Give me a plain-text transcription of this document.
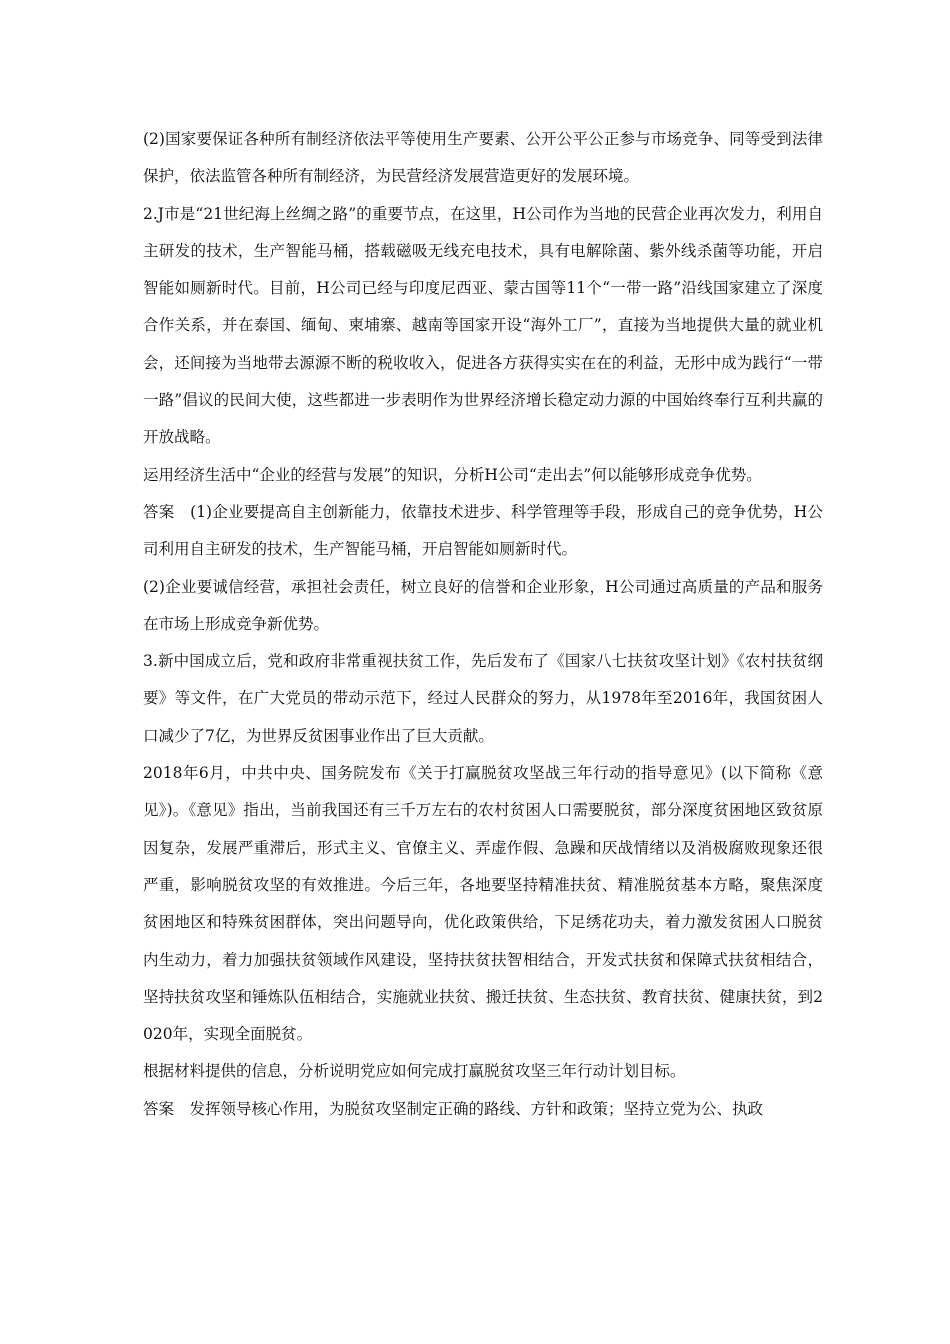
(2)国家要保证各种所有制经济依法平等使用生产要素、公开公平公正参与市场竞争、同等受到法律保护，依法监管各种所有制经济，为民营经济发展营造更好的发展环境。

2.J市是“21世纪海上丝绸之路”的重要节点，在这里，H公司作为当地的民营企业再次发力，利用自主研发的技术，生产智能马桶，搭载磁吸无线充电技术，具有电解除菌、紫外线杀菌等功能，开启智能如厕新时代。目前，H公司已经与印度尼西亚、蒙古国等11个“一带一路”沿线国家建立了深度合作关系，并在泰国、缅甸、柬埔寨、越南等国家开设“海外工厂”，直接为当地提供大量的就业机会，还间接为当地带去源源不断的税收收入，促进各方获得实实在在的利益，无形中成为践行“一带一路”倡议的民间大使，这些都进一步表明作为世界经济增长稳定动力源的中国始终奉行互利共赢的开放战略。

运用经济生活中“企业的经营与发展”的知识，分析H公司“走出去”何以能够形成竞争优势。

答案　(1)企业要提高自主创新能力，依靠技术进步、科学管理等手段，形成自己的竞争优势，H公司利用自主研发的技术，生产智能马桶，开启智能如厕新时代。

(2)企业要诚信经营，承担社会责任，树立良好的信誉和企业形象，H公司通过高质量的产品和服务在市场上形成竞争新优势。

3.新中国成立后，党和政府非常重视扶贫工作，先后发布了《国家八七扶贫攻坚计划》《农村扶贫纲要》等文件，在广大党员的带动示范下，经过人民群众的努力，从1978年至2016年，我国贫困人口减少了7亿，为世界反贫困事业作出了巨大贡献。

2018年6月，中共中央、国务院发布《关于打赢脱贫攻坚战三年行动的指导意见》(以下简称《意见》)。《意见》指出，当前我国还有三千万左右的农村贫困人口需要脱贫，部分深度贫困地区致贫原因复杂，发展严重滞后，形式主义、官僚主义、弄虚作假、急躁和厌战情绪以及消极腐败现象还很严重，影响脱贫攻坚的有效推进。今后三年，各地要坚持精准扶贫、精准脱贫基本方略，聚焦深度贫困地区和特殊贫困群体，突出问题导向，优化政策供给，下足绣花功夫，着力激发贫困人口脱贫内生动力，着力加强扶贫领域作风建设，坚持扶贫扶智相结合，开发式扶贫和保障式扶贫相结合，坚持扶贫攻坚和锤炼队伍相结合，实施就业扶贫、搬迁扶贫、生态扶贫、教育扶贫、健康扶贫，到2020年，实现全面脱贫。

根据材料提供的信息，分析说明党应如何完成打赢脱贫攻坚三年行动计划目标。

答案　发挥领导核心作用，为脱贫攻坚制定正确的路线、方针和政策；坚持立党为公、执政
